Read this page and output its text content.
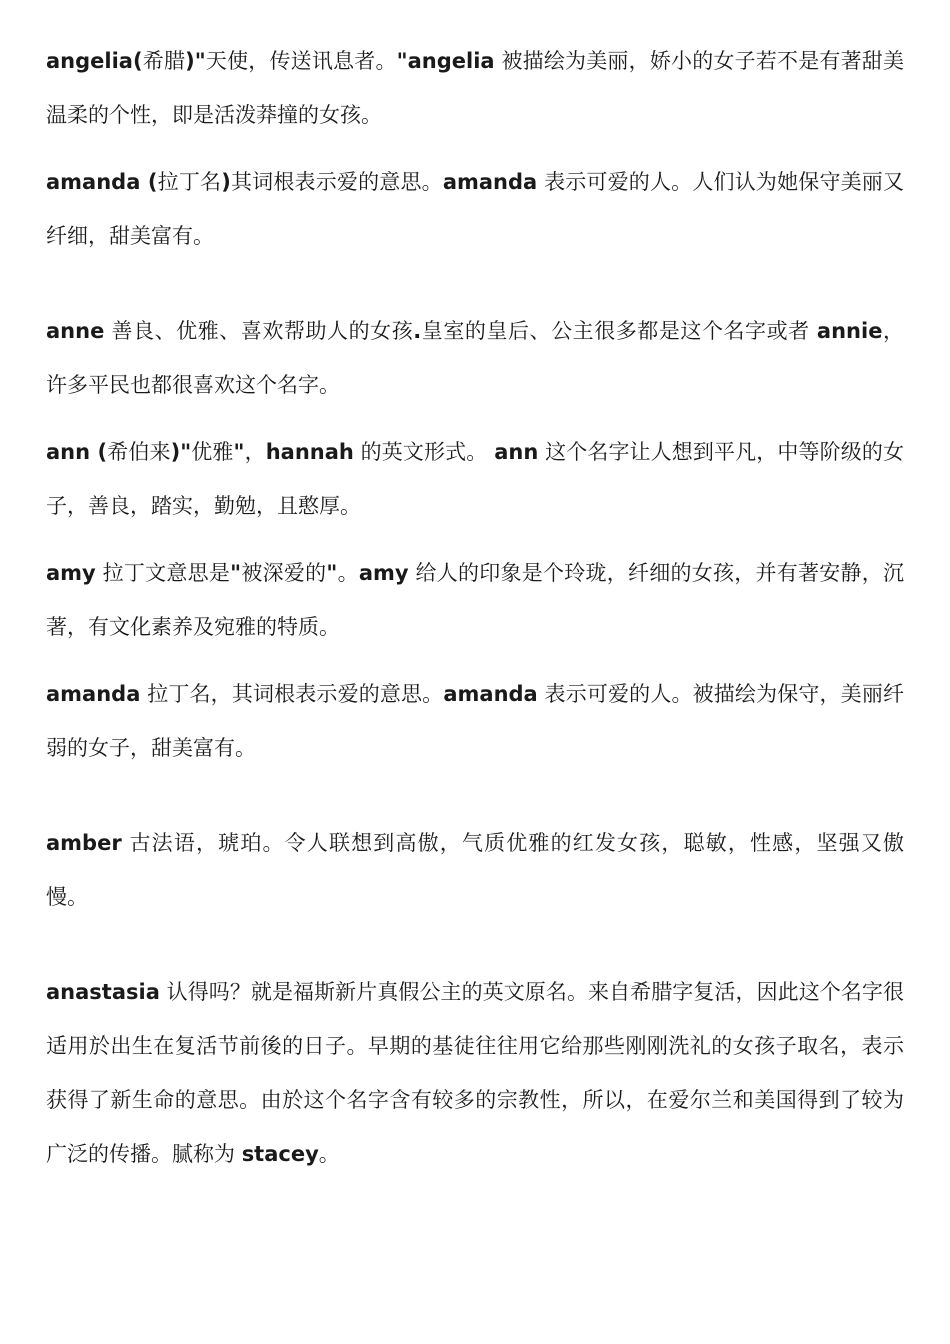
angelia(希腊)"天使，传送讯息者。"angelia 被描绘为美丽，娇小的女子若不是有著甜美温柔的个性，即是活泼莽撞的女孩。

amanda (拉丁名)其词根表示爱的意思。amanda 表示可爱的人。人们认为她保守美丽又纤细，甜美富有。

anne 善良、优雅、喜欢帮助人的女孩.皇室的皇后、公主很多都是这个名字或者 annie，许多平民也都很喜欢这个名字。

ann (希伯来)"优雅"，hannah 的英文形式。 ann 这个名字让人想到平凡，中等阶级的女子，善良，踏实，勤勉，且憨厚。

amy 拉丁文意思是"被深爱的"。amy 给人的印象是个玲珑，纤细的女孩，并有著安静，沉著，有文化素养及宛雅的特质。

amanda 拉丁名，其词根表示爱的意思。amanda 表示可爱的人。被描绘为保守，美丽纤弱的女子，甜美富有。

amber 古法语，琥珀。令人联想到高傲，气质优雅的红发女孩，聪敏，性感，坚强又傲慢。

anastasia 认得吗？就是福斯新片真假公主的英文原名。来自希腊字复活，因此这个名字很适用於出生在复活节前後的日子。早期的基徒往往用它给那些刚刚洗礼的女孩子取名，表示获得了新生命的意思。由於这个名字含有较多的宗教性，所以，在爱尔兰和美国得到了较为广泛的传播。腻称为 stacey。
